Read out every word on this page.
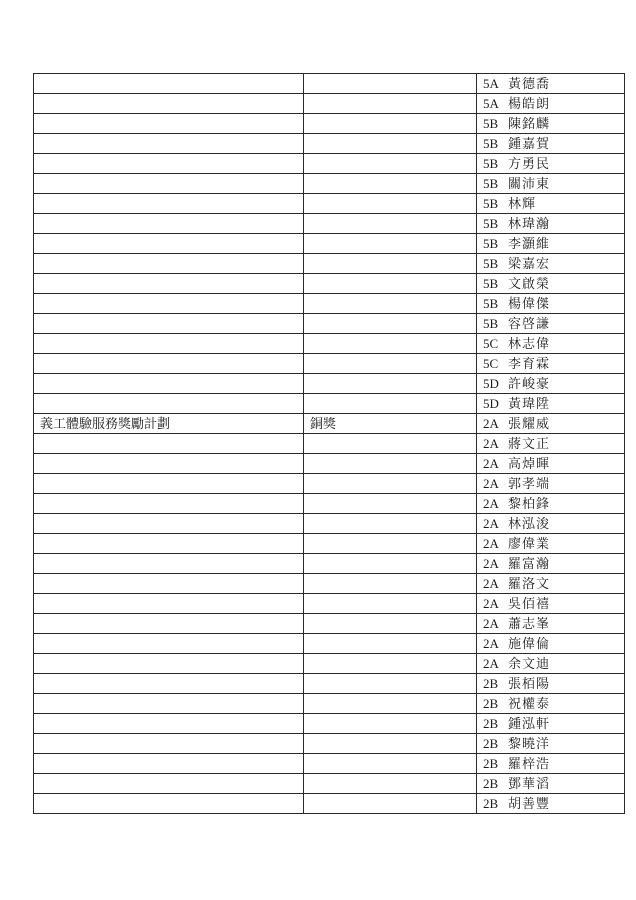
		5A 黃德喬
		5A 楊皓朗
		5B 陳銘麟
		5B 鍾嘉賀
		5B 方勇民
		5B 關沛東
		5B 林輝
		5B 林瑋瀚
		5B 李灝維
		5B 梁嘉宏
		5B 文啟榮
		5B 楊偉傑
		5B 容啓謙
		5C 林志偉
		5C 李育霖
		5D 許峻豪
		5D 黃瑋陞
義工體驗服務獎勵計劃	銅獎	2A 張耀威
		2A 蔣文正
		2A 高焯暉
		2A 郭孝端
		2A 黎柏鋒
		2A 林泓浚
		2A 廖偉業
		2A 羅富瀚
		2A 羅洛文
		2A 吳佰禧
		2A 蕭志峯
		2A 施偉倫
		2A 余文迪
		2B 張栢陽
		2B 祝權泰
		2B 鍾泓軒
		2B 黎曉洋
		2B 羅梓浩
		2B 鄧華滔
		2B 胡善豐
